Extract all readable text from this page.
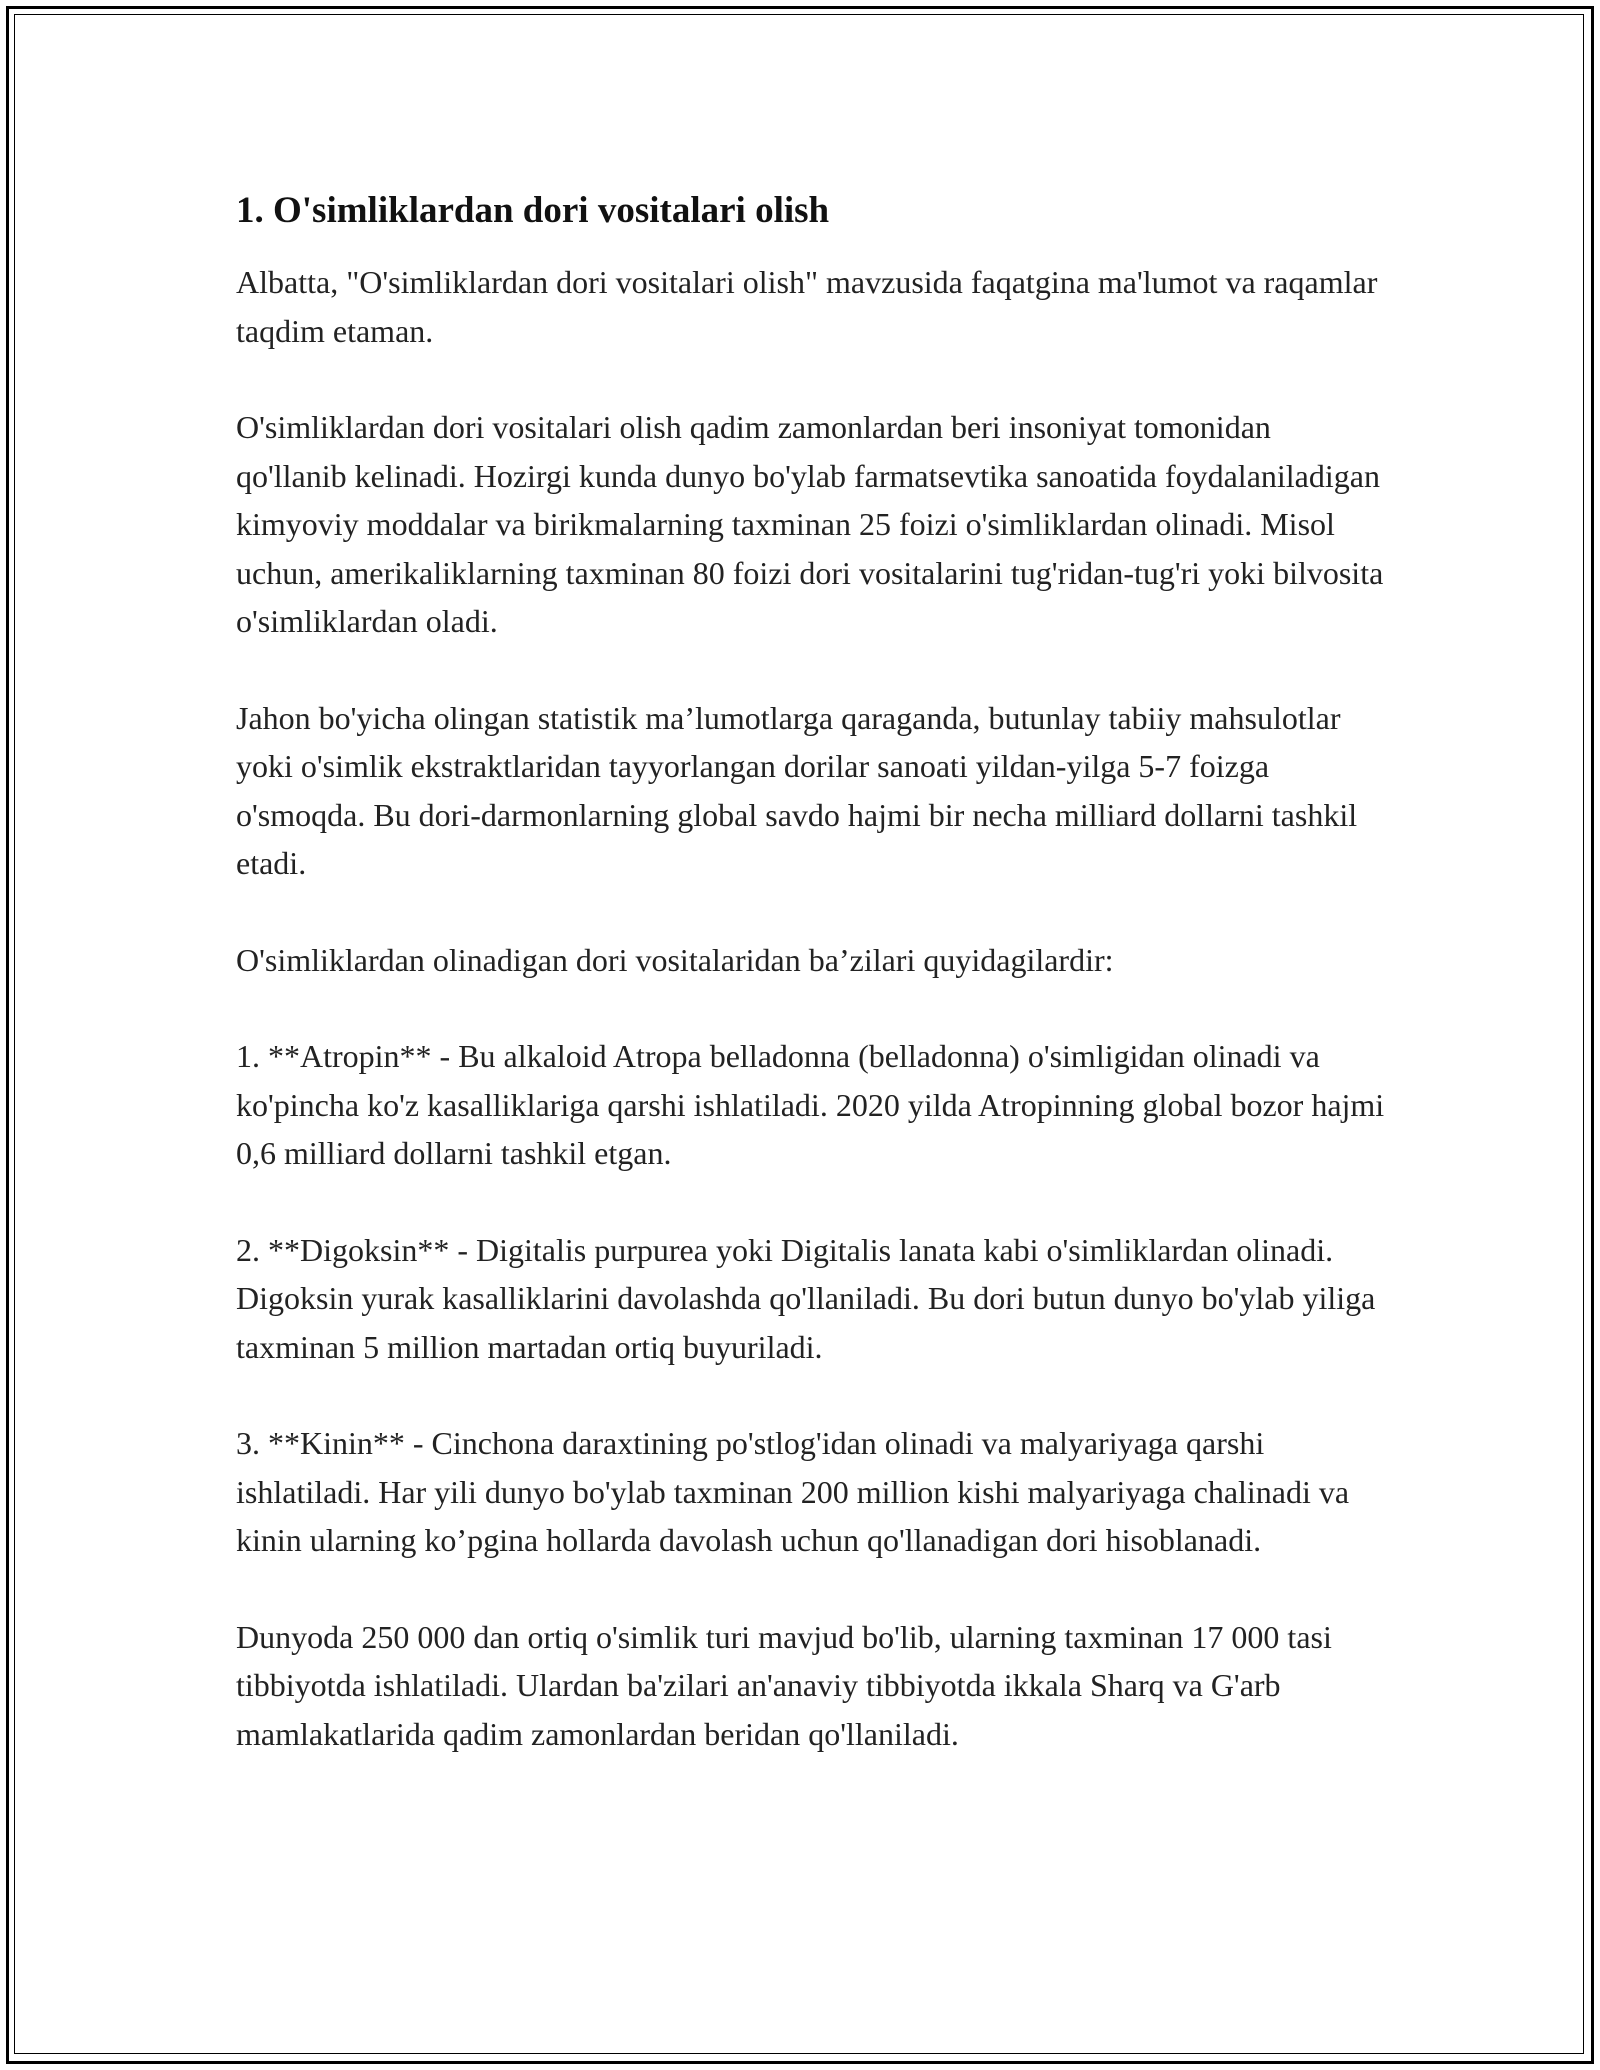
1. O'simliklardan dori vositalari olish

Albatta, "O'simliklardan dori vositalari olish" mavzusida faqatgina ma'lumot va raqamlar taqdim etaman.

O'simliklardan dori vositalari olish qadim zamonlardan beri insoniyat tomonidan qo'llanib kelinadi. Hozirgi kunda dunyo bo'ylab farmatsevtika sanoatida foydalaniladigan kimyoviy moddalar va birikmalarning taxminan 25 foizi o'simliklardan olinadi. Misol uchun, amerikaliklarning taxminan 80 foizi dori vositalarini tug'ridan-tug'ri yoki bilvosita o'simliklardan oladi.

Jahon bo'yicha olingan statistik ma’lumotlarga qaraganda, butunlay tabiiy mahsulotlar yoki o'simlik ekstraktlaridan tayyorlangan dorilar sanoati yildan-yilga 5-7 foizga o'smoqda. Bu dori-darmonlarning global savdo hajmi bir necha milliard dollarni tashkil etadi.

O'simliklardan olinadigan dori vositalaridan ba’zilari quyidagilardir:

1. **Atropin** - Bu alkaloid Atropa belladonna (belladonna) o'simligidan olinadi va ko'pincha ko'z kasalliklariga qarshi ishlatiladi. 2020 yilda Atropinning global bozor hajmi 0,6 milliard dollarni tashkil etgan.

2. **Digoksin** - Digitalis purpurea yoki Digitalis lanata kabi o'simliklardan olinadi. Digoksin yurak kasalliklarini davolashda qo'llaniladi. Bu dori butun dunyo bo'ylab yiliga taxminan 5 million martadan ortiq buyuriladi.

3. **Kinin** - Cinchona daraxtining po'stlog'idan olinadi va malyariyaga qarshi ishlatiladi. Har yili dunyo bo'ylab taxminan 200 million kishi malyariyaga chalinadi va kinin ularning ko’pgina hollarda davolash uchun qo'llanadigan dori hisoblanadi.

Dunyoda 250 000 dan ortiq o'simlik turi mavjud bo'lib, ularning taxminan 17 000 tasi tibbiyotda ishlatiladi. Ulardan ba'zilari an'anaviy tibbiyotda ikkala Sharq va G'arb mamlakatlarida qadim zamonlardan beridan qo'llaniladi.
